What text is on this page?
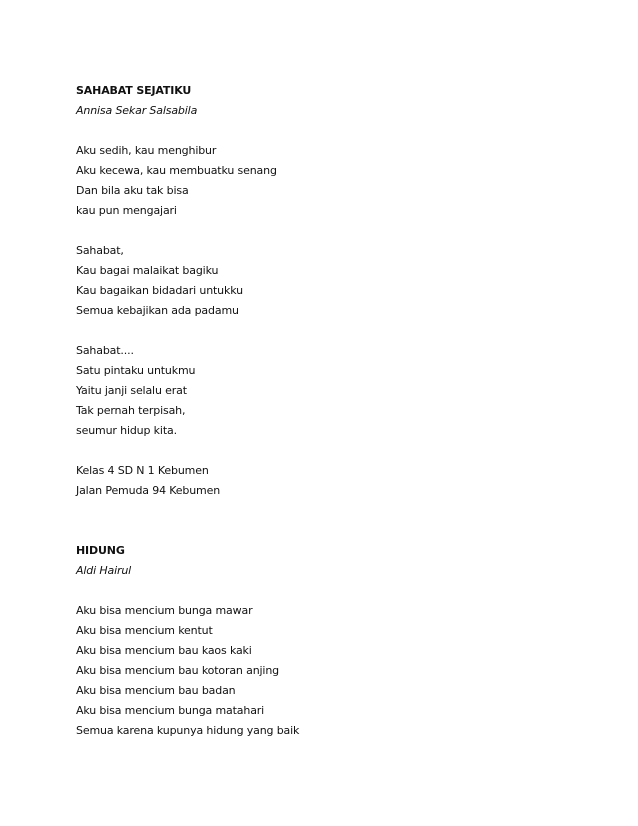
SAHABAT SEJATIKU
Annisa Sekar Salsabila
Aku sedih, kau menghibur
Aku kecewa, kau membuatku senang
Dan bila aku tak bisa
kau pun mengajari
Sahabat,
Kau bagai malaikat bagiku
Kau bagaikan bidadari untukku
Semua kebajikan ada padamu
Sahabat....
Satu pintaku untukmu
Yaitu janji selalu erat
Tak pernah terpisah,
seumur hidup kita.
Kelas 4 SD N 1 Kebumen
Jalan Pemuda 94 Kebumen
HIDUNG
Aldi Hairul
Aku bisa mencium bunga mawar
Aku bisa mencium kentut
Aku bisa mencium bau kaos kaki
Aku bisa mencium bau kotoran anjing
Aku bisa mencium bau badan
Aku bisa mencium bunga matahari
Semua karena kupunya hidung yang baik
